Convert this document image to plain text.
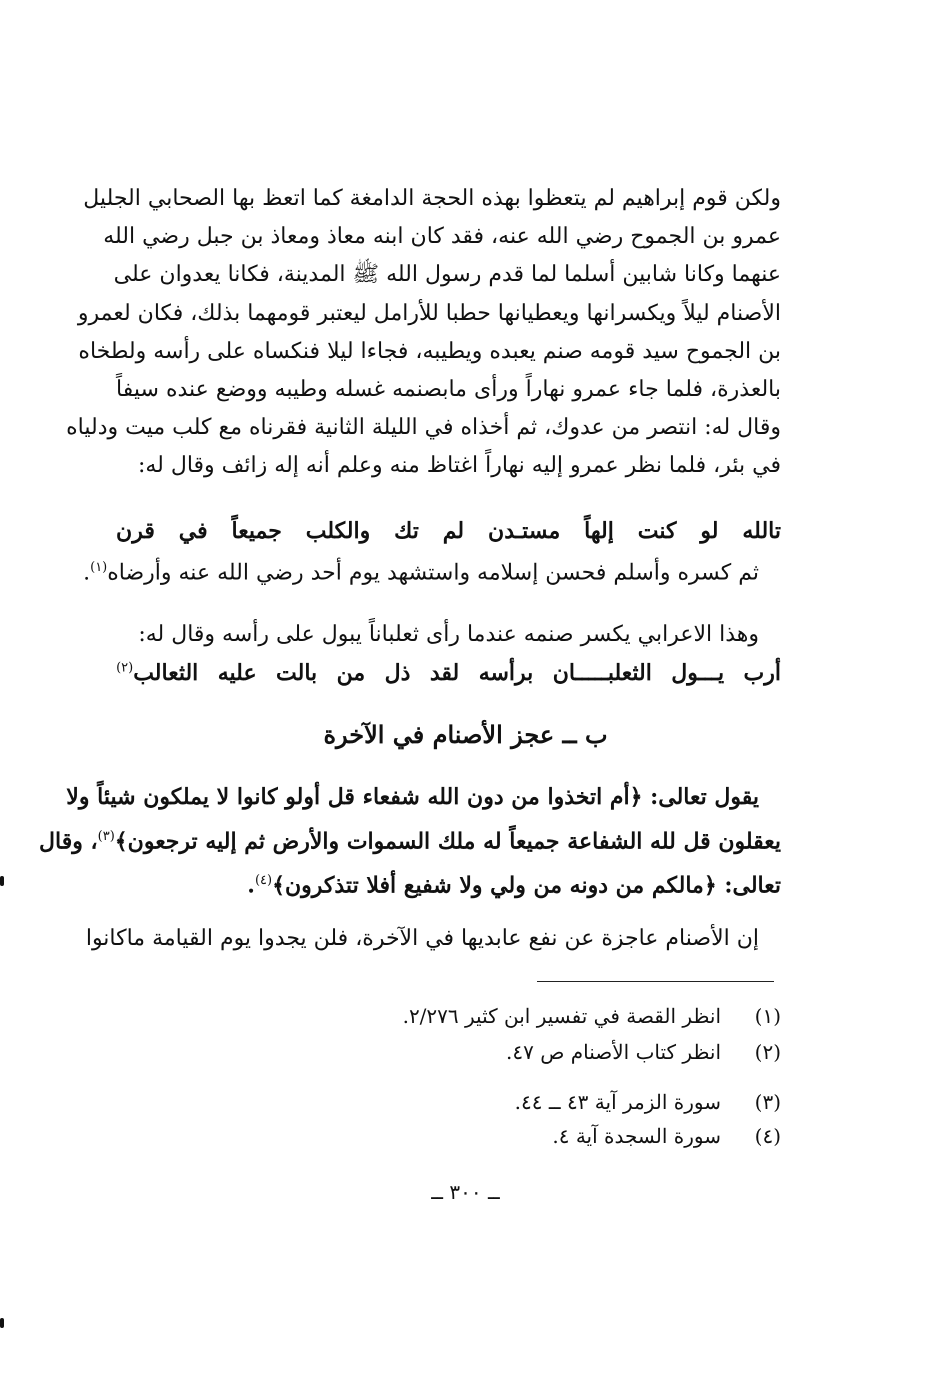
ولكن قوم إبراهيم لم يتعظوا بهذه الحجة الدامغة كما اتعظ بها الصحابي الجليل
عمرو بن الجموح رضي الله عنه، فقد كان ابنه معاذ ومعاذ بن جبل رضي الله
عنهما وكانا شابين أسلما لما قدم رسول الله ﷺ المدينة، فكانا يعدوان على
الأصنام ليلاً ويكسرانها ويعطيانها حطبا للأرامل ليعتبر قومهما بذلك، فكان لعمرو
بن الجموح سيد قومه صنم يعبده ويطيبه، فجاءا ليلا فنكساه على رأسه ولطخاه
بالعذرة، فلما جاء عمرو نهاراً ورأى مابصنمه غسله وطيبه ووضع عنده سيفاً
وقال له: انتصر من عدوك، ثم أخذاه في الليلة الثانية فقرناه مع كلب ميت ودلياه
في بئر، فلما نظر عمرو إليه نهاراً اغتاظ منه وعلم أنه إله زائف وقال له:
تالله
لو
كنت
إلهاً
مستـدن
لم
تك
والكلب
جميعاً
في
قرن
ثم كسره وأسلم فحسن إسلامه واستشهد يوم أحد رضي الله عنه وأرضاه$^{(١)}$.
وهذا الاعرابي يكسر صنمه عندما رأى ثعلباناً يبول على رأسه وقال له:
أرب
يـــول
الثعلبـــــان
برأسه
لقد
ذل
من
بالت
عليه
الثعالب$^{(٢)}$
ب ــ عجز الأصنام في الآخرة
يقول تعالى: ﴿أم اتخذوا من دون الله شفعاء قل أولو كانوا لا يملكون شيئاً ولا
يعقلون قل لله الشفاعة جميعاً له ملك السموات والأرض ثم إليه ترجعون﴾$^{(٣)}$، وقال
تعالى: ﴿مالكم من دونه من ولي ولا شفيع أفلا تتذكرون﴾$^{(٤)}$.
إن الأصنام عاجزة عن نفع عابديها في الآخرة، فلن يجدوا يوم القيامة ماكانوا
(١)
انظر القصة في تفسير ابن كثير ٢/٢٧٦.
(٢)
انظر كتاب الأصنام ص ٤٧.
(٣)
سورة الزمر آية ٤٣ ــ ٤٤.
(٤)
سورة السجدة آية ٤.
ــ ٣٠٠ ــ
